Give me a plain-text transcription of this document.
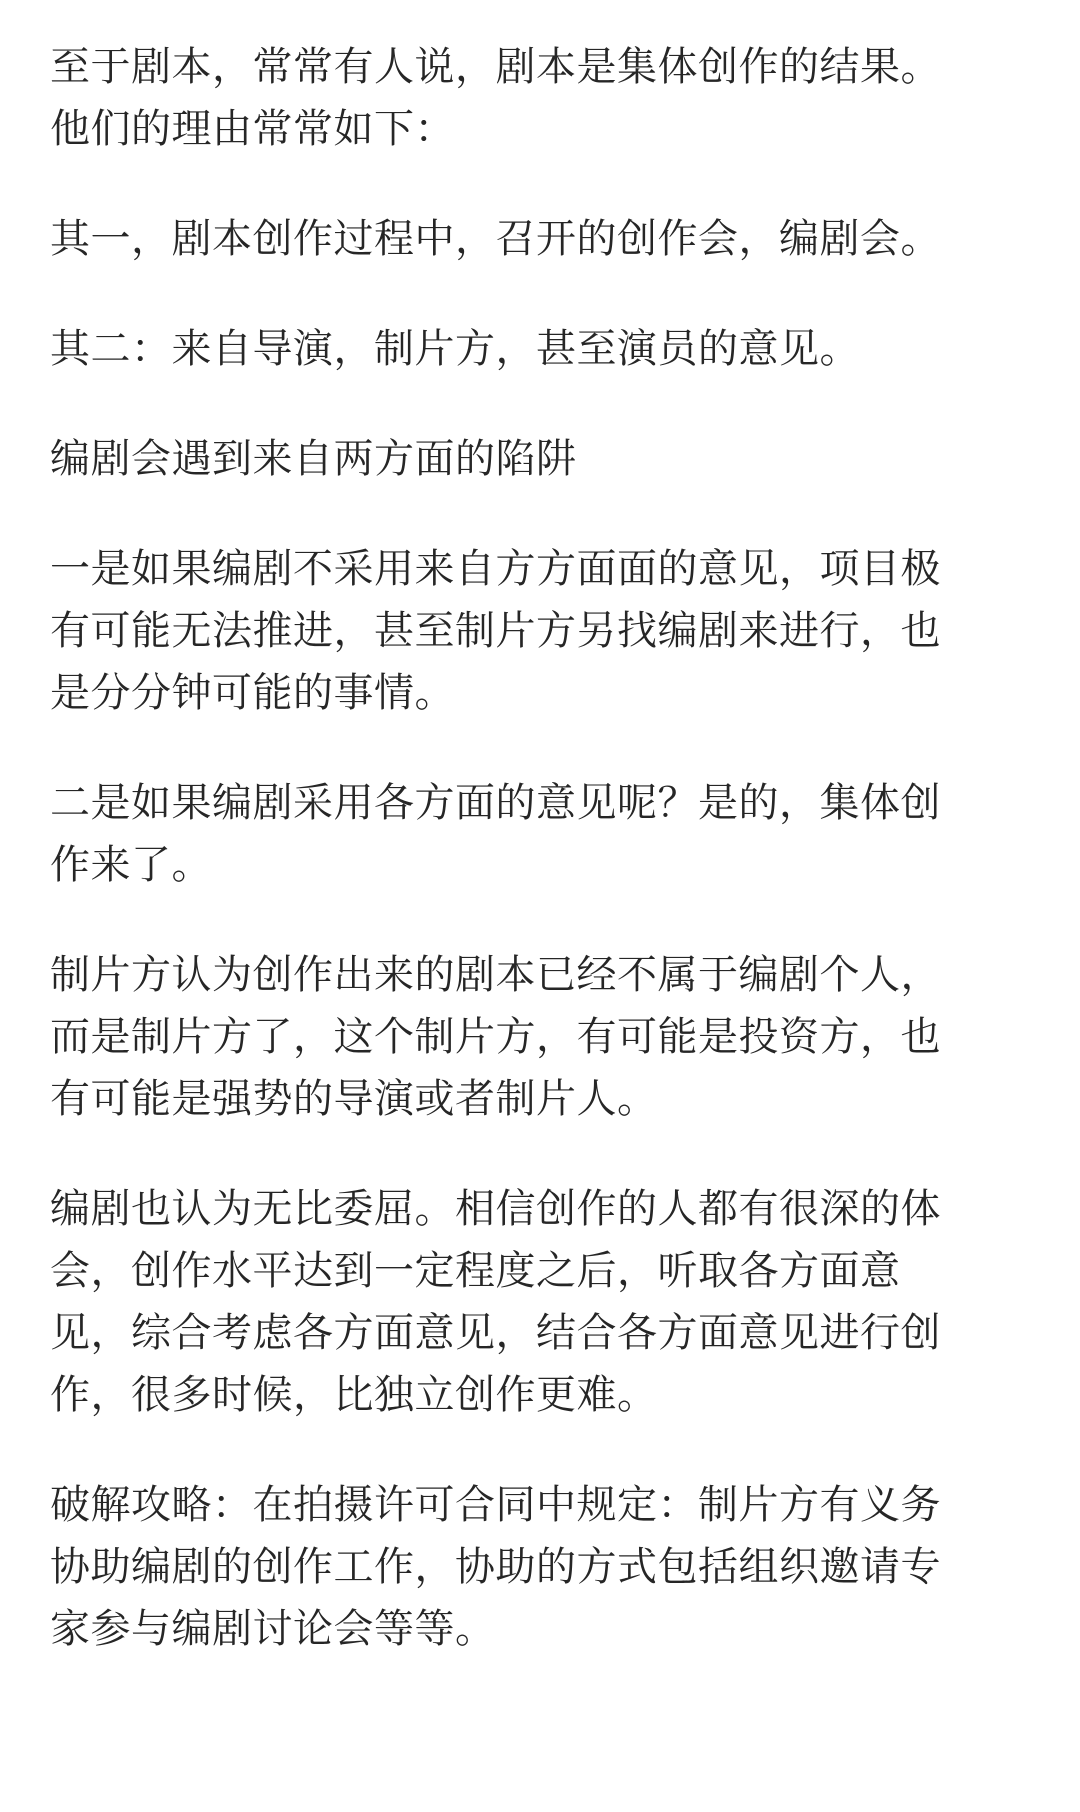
至于剧本，常常有人说，剧本是集体创作的结果。
他们的理由常常如下：

其一，剧本创作过程中，召开的创作会，编剧会。

其二：来自导演，制片方，甚至演员的意见。

编剧会遇到来自两方面的陷阱

一是如果编剧不采用来自方方面面的意见，项目极
有可能无法推进，甚至制片方另找编剧来进行，也
是分分钟可能的事情。

二是如果编剧采用各方面的意见呢？是的，集体创
作来了。

制片方认为创作出来的剧本已经不属于编剧个人，
而是制片方了，这个制片方，有可能是投资方，也
有可能是强势的导演或者制片人。

编剧也认为无比委屈。相信创作的人都有很深的体
会，创作水平达到一定程度之后，听取各方面意
见，综合考虑各方面意见，结合各方面意见进行创
作，很多时候，比独立创作更难。

破解攻略：在拍摄许可合同中规定：制片方有义务
协助编剧的创作工作，协助的方式包括组织邀请专
家参与编剧讨论会等等。
